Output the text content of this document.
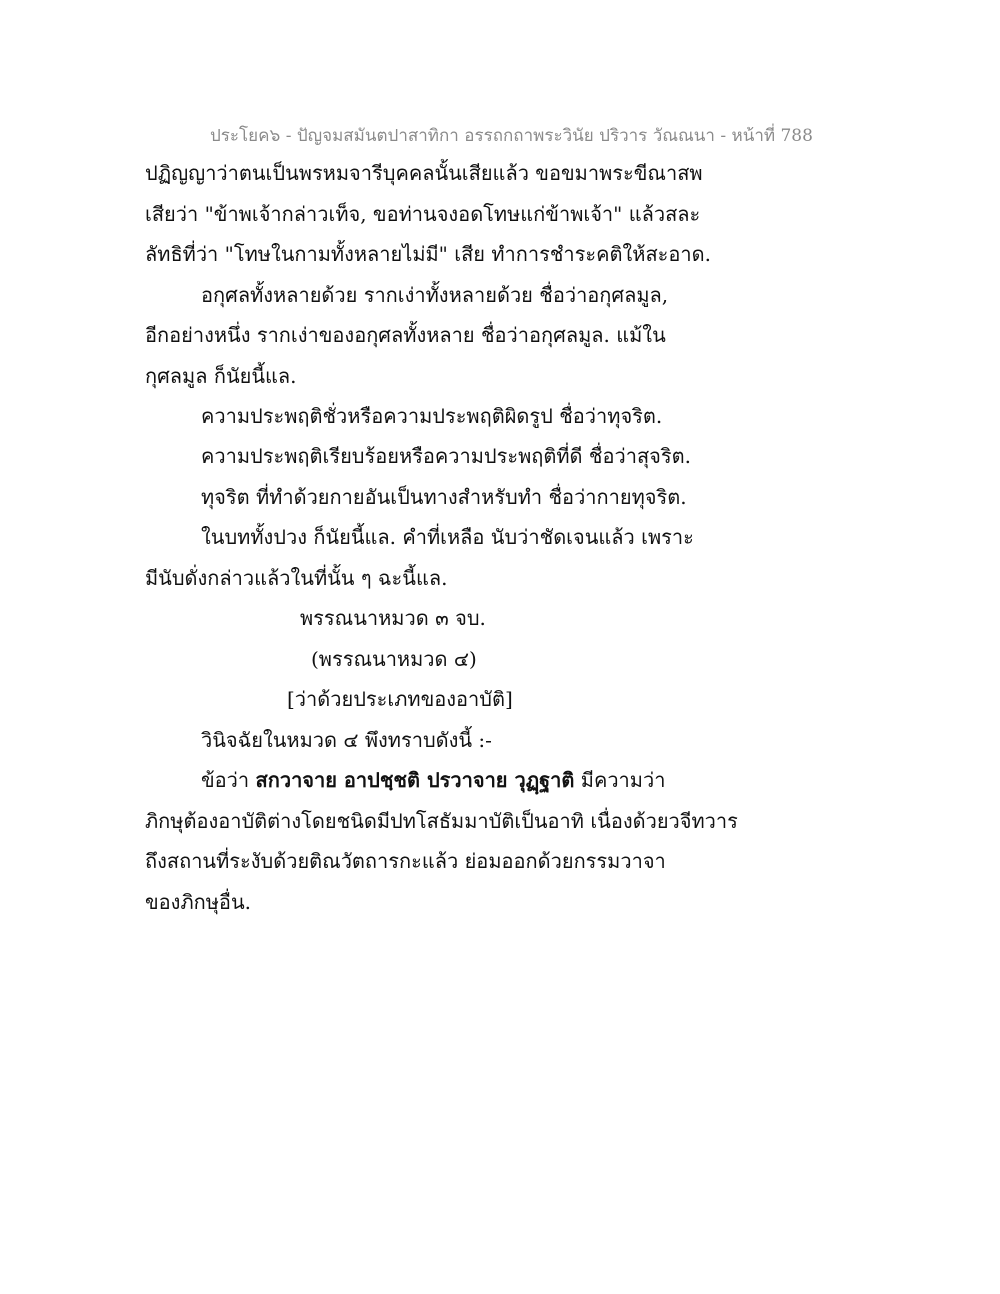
ประโยค๖ - ปัญจมสมันตปาสาทิกา อรรถกถาพระวินัย ปริวาร วัณณนา - หน้าที่ 788
ปฏิญญาว่าตนเป็นพรหมจารีบุคคลนั้นเสียแล้ว ขอขมาพระขีณาสพ
เสียว่า "ข้าพเจ้ากล่าวเท็จ, ขอท่านจงอดโทษแก่ข้าพเจ้า" แล้วสละ
ลัทธิที่ว่า "โทษในกามทั้งหลายไม่มี" เสีย ทำการชำระคติให้สะอาด.
อกุศลทั้งหลายด้วย รากเง่าทั้งหลายด้วย ชื่อว่าอกุศลมูล,
อีกอย่างหนึ่ง รากเง่าของอกุศลทั้งหลาย ชื่อว่าอกุศลมูล. แม้ใน
กุศลมูล ก็นัยนี้แล.
ความประพฤติชั่วหรือความประพฤติผิดรูป ชื่อว่าทุจริต.
ความประพฤติเรียบร้อยหรือความประพฤติที่ดี ชื่อว่าสุจริต.
ทุจริต ที่ทำด้วยกายอันเป็นทางสำหรับทำ ชื่อว่ากายทุจริต.
ในบททั้งปวง ก็นัยนี้แล. คำที่เหลือ นับว่าชัดเจนแล้ว เพราะ
มีนับดั่งกล่าวแล้วในที่นั้น ๆ ฉะนี้แล.
พรรณนาหมวด ๓ จบ.
(พรรณนาหมวด ๔)
[ว่าด้วยประเภทของอาบัติ]
วินิจฉัยในหมวด ๔ พึงทราบดังนี้ :-
ข้อว่า สกวาจาย อาปชฺชติ ปรวาจาย วุฏฺฐาติ มีความว่า
ภิกษุต้องอาบัติต่างโดยชนิดมีปทโสธัมมาบัติเป็นอาทิ เนื่องด้วยวจีทวาร
ถึงสถานที่ระงับด้วยติณวัตถารกะแล้ว ย่อมออกด้วยกรรมวาจา
ของภิกษุอื่น.
